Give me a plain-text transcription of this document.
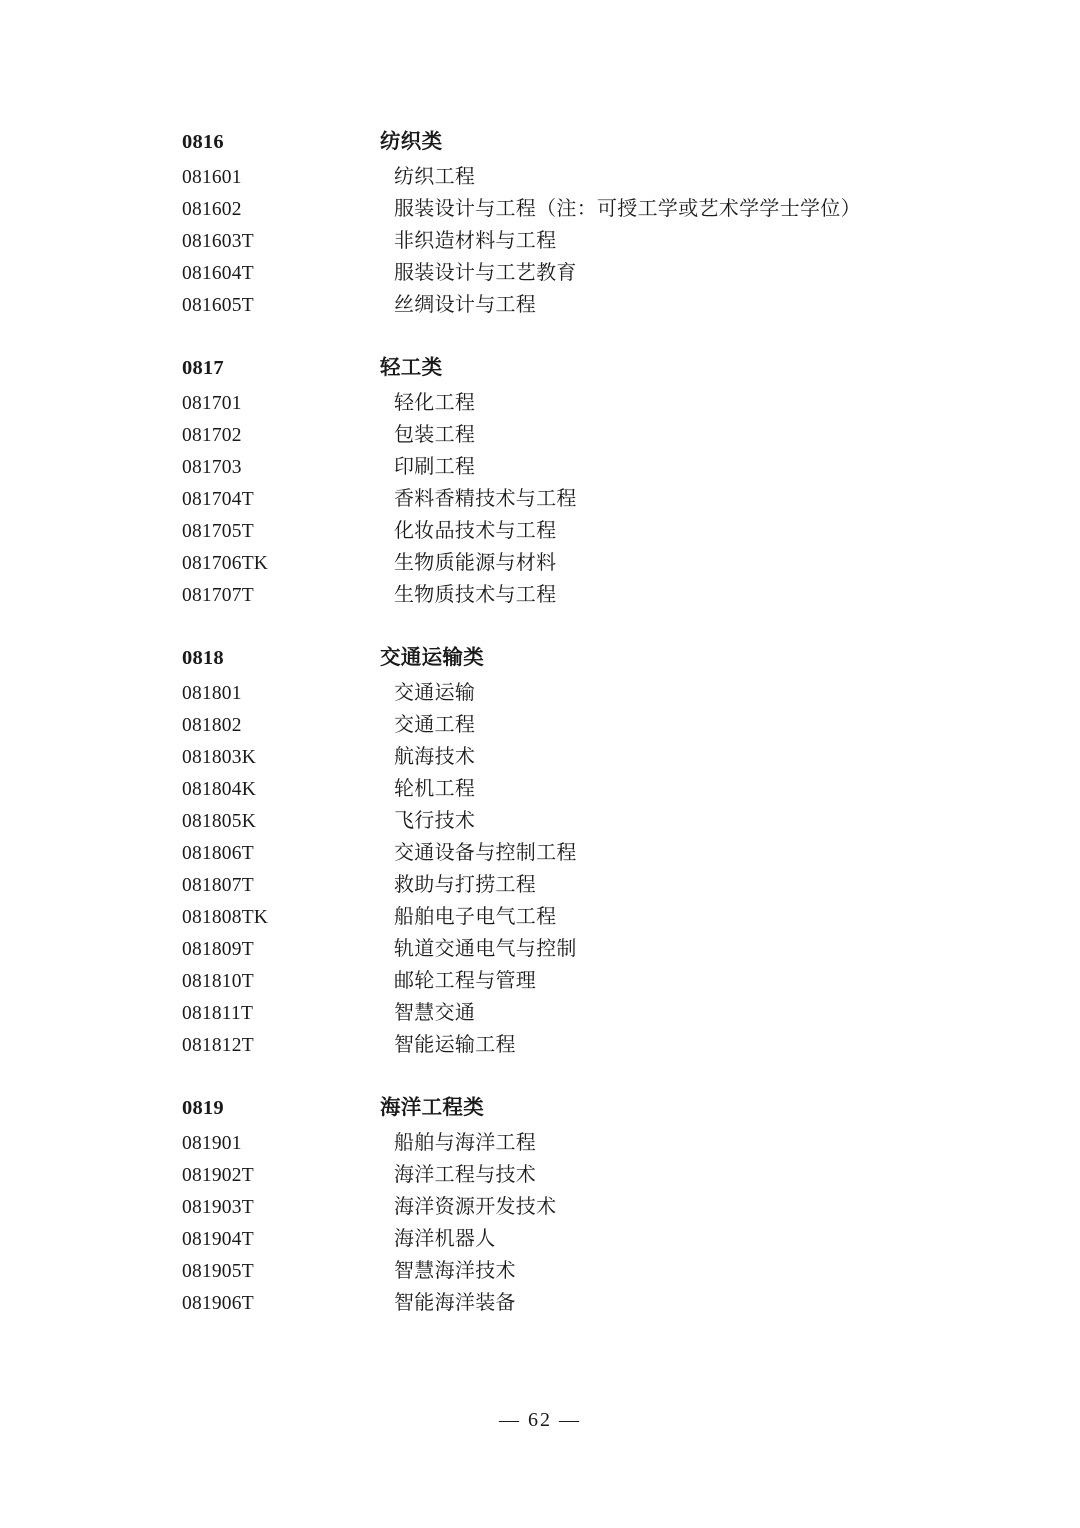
0816	纺织类
081601	纺织工程
081602	服装设计与工程（注：可授工学或艺术学学士学位）
081603T	非织造材料与工程
081604T	服装设计与工艺教育
081605T	丝绸设计与工程
0817	轻工类
081701	轻化工程
081702	包装工程
081703	印刷工程
081704T	香料香精技术与工程
081705T	化妆品技术与工程
081706TK	生物质能源与材料
081707T	生物质技术与工程
0818	交通运输类
081801	交通运输
081802	交通工程
081803K	航海技术
081804K	轮机工程
081805K	飞行技术
081806T	交通设备与控制工程
081807T	救助与打捞工程
081808TK	船舶电子电气工程
081809T	轨道交通电气与控制
081810T	邮轮工程与管理
081811T	智慧交通
081812T	智能运输工程
0819	海洋工程类
081901	船舶与海洋工程
081902T	海洋工程与技术
081903T	海洋资源开发技术
081904T	海洋机器人
081905T	智慧海洋技术
081906T	智能海洋装备
— 62 —
